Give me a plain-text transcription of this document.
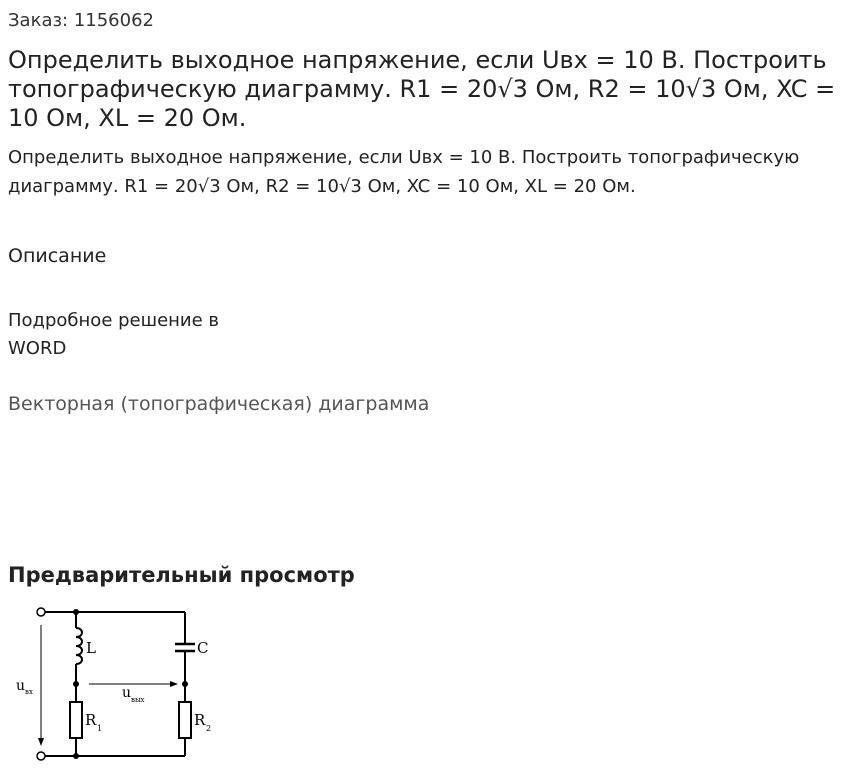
Заказ: 1156062
Определить выходное напряжение, если Uвх = 10 В. Построить топографическую диаграмму. R1 = 20√3 Ом, R2 = 10√3 Ом, XC = 10 Ом, XL = 20 Ом.
Определить выходное напряжение, если Uвх = 10 В. Построить топографическую диаграмму. R1 = 20√3 Ом, R2 = 10√3 Ом, XC = 10 Ом, XL = 20 Ом.
Описание
Подробное решение в WORD
Векторная (топографическая) диаграмма
Предварительный просмотр
L	C
R 1	R 2
u вх	u вых
